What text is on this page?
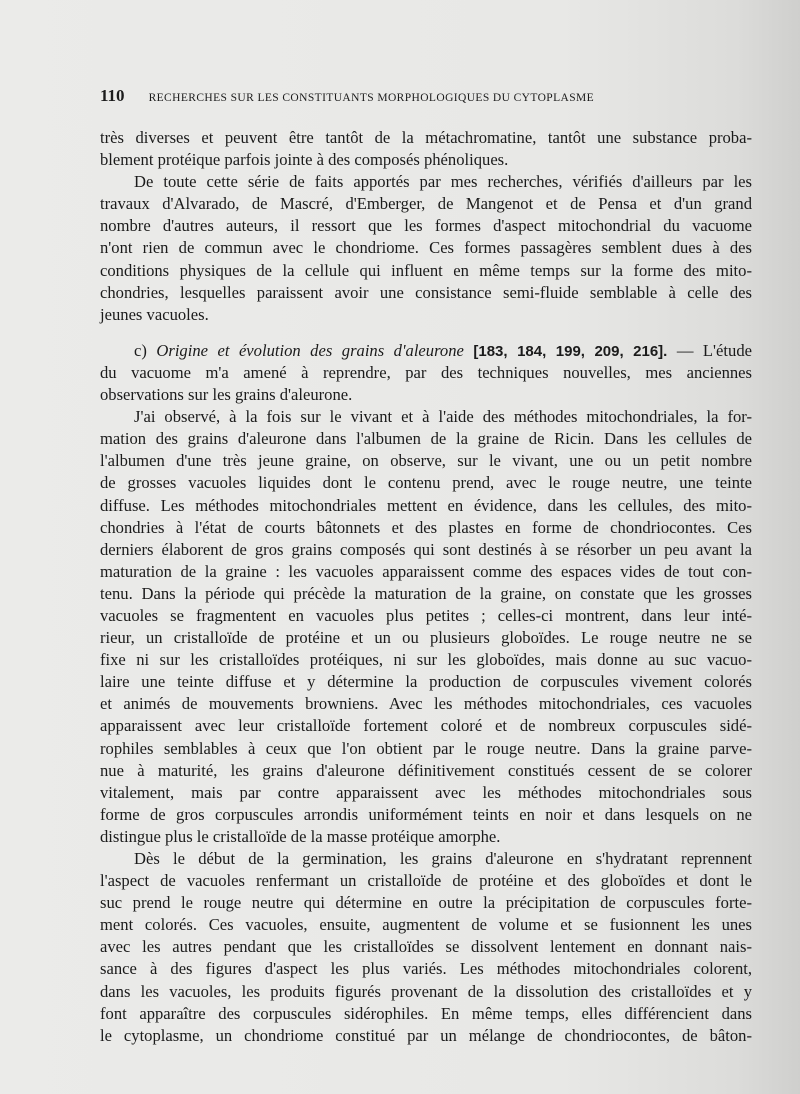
110 RECHERCHES SUR LES CONSTITUANTS MORPHOLOGIQUES DU CYTOPLASME
très diverses et peuvent être tantôt de la métachromatine, tantôt une substance proba-
blement protéique parfois jointe à des composés phénoliques.
De toute cette série de faits apportés par mes recherches, vérifiés d'ailleurs par les
travaux d'Alvarado, de Mascré, d'Emberger, de Mangenot et de Pensa et d'un grand
nombre d'autres auteurs, il ressort que les formes d'aspect mitochondrial du vacuome
n'ont rien de commun avec le chondriome. Ces formes passagères semblent dues à des
conditions physiques de la cellule qui influent en même temps sur la forme des mito-
chondries, lesquelles paraissent avoir une consistance semi-fluide semblable à celle des
jeunes vacuoles.
c) Origine et évolution des grains d'aleurone [183, 184, 199, 209, 216]. — L'étude
du vacuome m'a amené à reprendre, par des techniques nouvelles, mes anciennes
observations sur les grains d'aleurone.
J'ai observé, à la fois sur le vivant et à l'aide des méthodes mitochondriales, la for-
mation des grains d'aleurone dans l'albumen de la graine de Ricin. Dans les cellules de
l'albumen d'une très jeune graine, on observe, sur le vivant, une ou un petit nombre
de grosses vacuoles liquides dont le contenu prend, avec le rouge neutre, une teinte
diffuse. Les méthodes mitochondriales mettent en évidence, dans les cellules, des mito-
chondries à l'état de courts bâtonnets et des plastes en forme de chondriocontes. Ces
derniers élaborent de gros grains composés qui sont destinés à se résorber un peu avant la
maturation de la graine : les vacuoles apparaissent comme des espaces vides de tout con-
tenu. Dans la période qui précède la maturation de la graine, on constate que les grosses
vacuoles se fragmentent en vacuoles plus petites ; celles-ci montrent, dans leur inté-
rieur, un cristalloïde de protéine et un ou plusieurs globoïdes. Le rouge neutre ne se
fixe ni sur les cristalloïdes protéiques, ni sur les globoïdes, mais donne au suc vacuo-
laire une teinte diffuse et y détermine la production de corpuscules vivement colorés
et animés de mouvements browniens. Avec les méthodes mitochondriales, ces vacuoles
apparaissent avec leur cristalloïde fortement coloré et de nombreux corpuscules sidé-
rophiles semblables à ceux que l'on obtient par le rouge neutre. Dans la graine parve-
nue à maturité, les grains d'aleurone définitivement constitués cessent de se colorer
vitalement, mais par contre apparaissent avec les méthodes mitochondriales sous
forme de gros corpuscules arrondis uniformément teints en noir et dans lesquels on ne
distingue plus le cristalloïde de la masse protéique amorphe.
Dès le début de la germination, les grains d'aleurone en s'hydratant reprennent
l'aspect de vacuoles renfermant un cristalloïde de protéine et des globoïdes et dont le
suc prend le rouge neutre qui détermine en outre la précipitation de corpuscules forte-
ment colorés. Ces vacuoles, ensuite, augmentent de volume et se fusionnent les unes
avec les autres pendant que les cristalloïdes se dissolvent lentement en donnant nais-
sance à des figures d'aspect les plus variés. Les méthodes mitochondriales colorent,
dans les vacuoles, les produits figurés provenant de la dissolution des cristalloïdes et y
font apparaître des corpuscules sidérophiles. En même temps, elles différencient dans
le cytoplasme, un chondriome constitué par un mélange de chondriocontes, de bâton-
